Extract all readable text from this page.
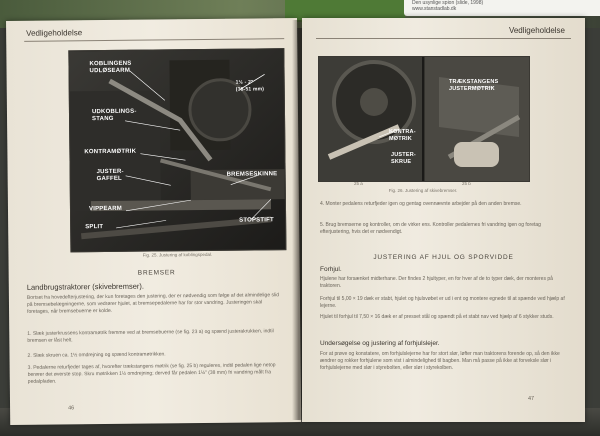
Den usynlige spion (slide, 1998)
www.stanstadlab.dk
Vedligeholdelse
KOBLINGENS
UDLØSEARM
UDKOBLINGS-
STANG
KONTRAMØTRIK
JUSTER-
GAFFEL
VIPPEARM
SPLIT
BREMSESKINNE
STOPSTIFT
1½ - 2"
(38-51 mm)
Fig. 25. Justering af koblingspedal.
BREMSER
Landbrugstraktorer (skivebremser).
Bortset fra hovedefterjustering, der kun foretages den justering, der er nødvendig som følge af det almindelige slid på bremsebelægningerne, som vedrører hjulet, at bremsepedalerne har for stor vandring. Justeringen skal foretages, når bremsebuerne er kolde.
1. Slæk justerkrussens kontramøtrik fremme ved at bremsebuerne (se fig. 23 a) og spænd justerakrukken, indtil bremsen er låst helt.
2. Slæk skruen ca. 1½ omdrejning og spænd kontramøtrikken.
3. Pedalerne returfjeder tages af, hvorefter trækstangens møtrik (se fig. 25 b) reguleres, indtil pedalen lige netop berører det øverste stop. Skru møtrikken 1½ omdrejning; derved får pedalen 1½" (38 mm) fri vandring målt fra pedalpladen.
46
Vedligeholdelse
TRÆKSTANGENS
JUSTERMØTRIK
KONTRA-
MØTRIK
JUSTER-
SKRUE
25 a	25 b
Fig. 26. Justering af skivebremser.
4. Monter pedalens returfjeder igen og gentag ovennævnte arbejder på den anden bremse.
5. Brug bremserne og kontroller, om de virker ens. Kontroller pedalernes fri vandring igen og foretag efterjustering, hvis det er nødvendigt.
JUSTERING AF HJUL OG SPORVIDDE
Forhjul.
Hjulene har forsænket midterhane. Der findes 2 hjultyper, en for hver af de to typer dæk, der monteres på traktoren.
Forhjul til 5,00 × 19 dæk er stabt, hjulet og hjulsvøbet er ud i ent og montere egnede til at spænde ved hjælp af lejerne.
Hjulet til forhjul til 7,50 × 16 dæk er af presset stål og spændt på et stabt nav ved hjælp af 6 stykker studs.
Undersøgelse og justering af forhjulslejer.
For at prøve og konstatere, om forhjulslejerne har for stort slør, løfter man traktorens forende op, så den ikke ændrer og rokker forhjulene som vist i almindelighed til bagben. Man må passe på ikke at forveksle slør i forhjulslejerne med slør i styrebolten, eller slør i styrekolben.
47
